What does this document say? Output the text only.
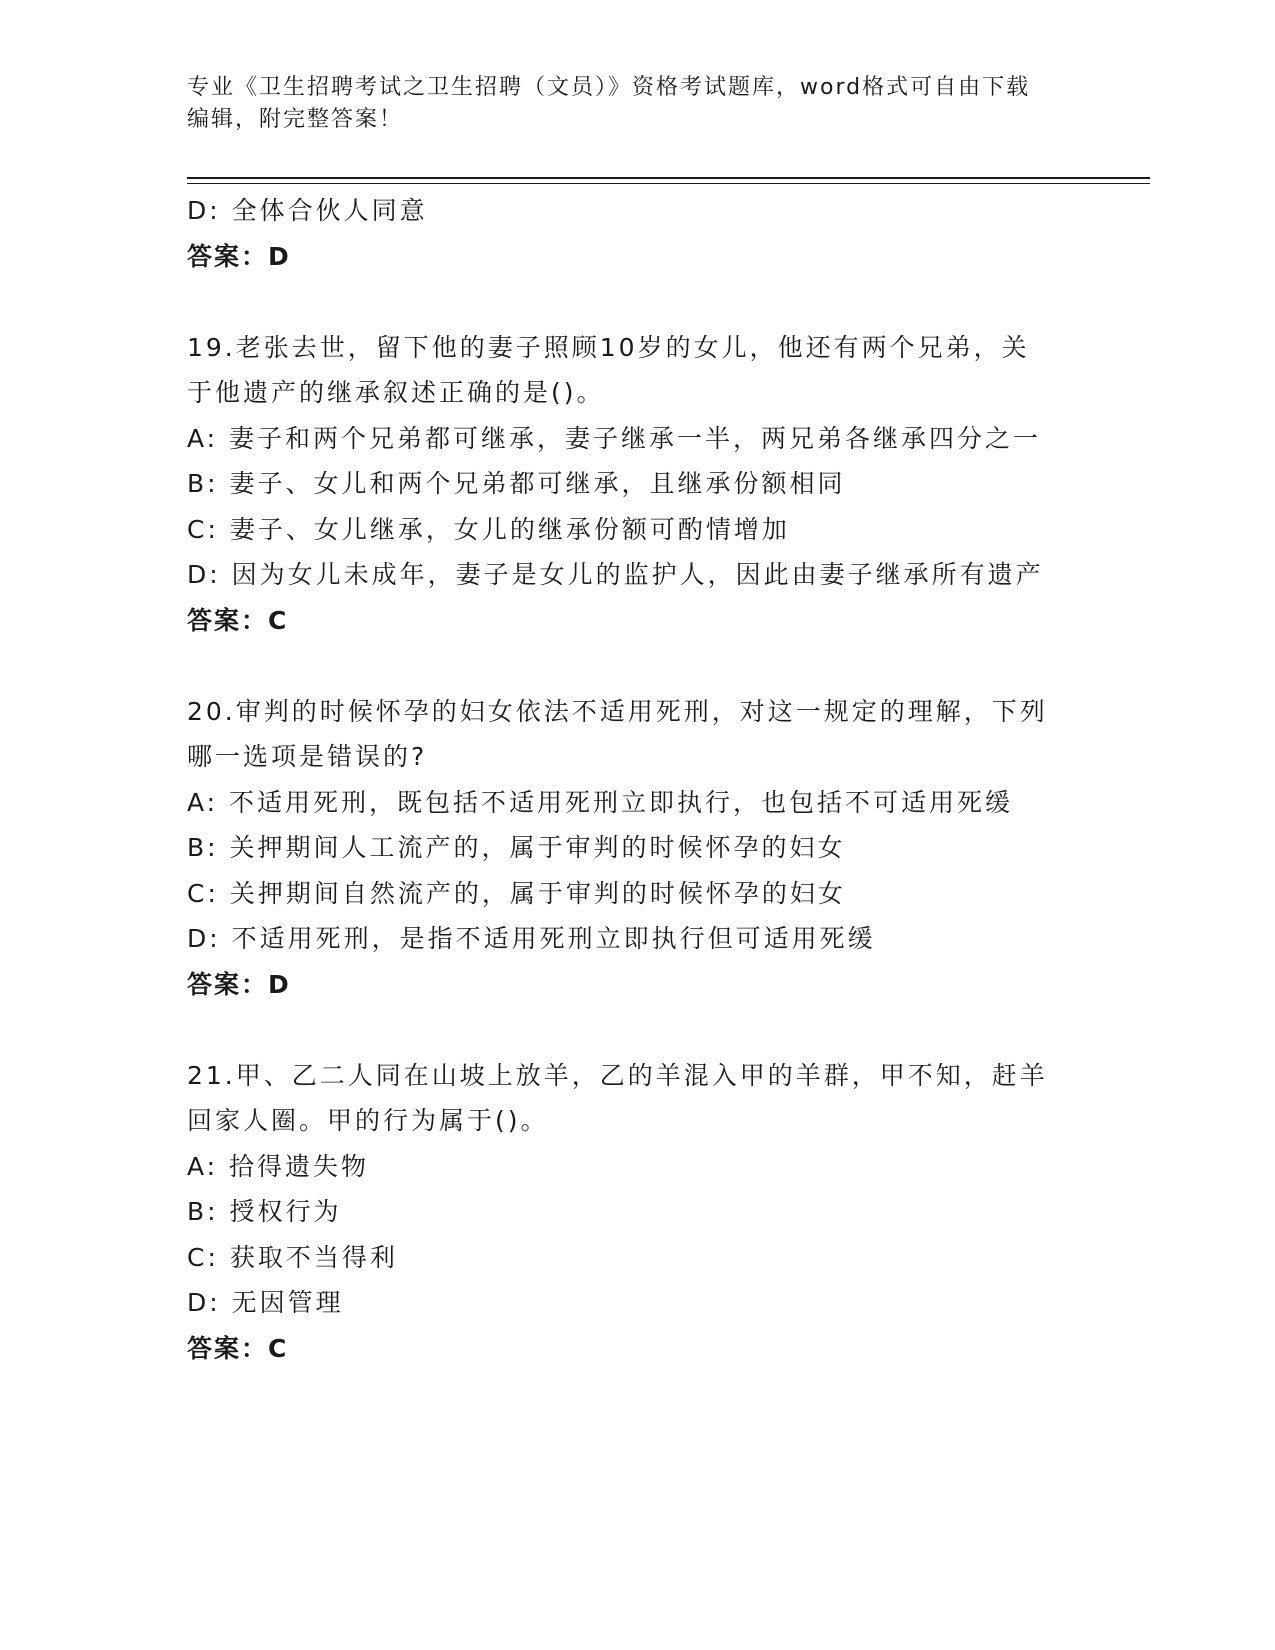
专业《卫生招聘考试之卫生招聘（文员）》资格考试题库，word格式可自由下载
编辑，附完整答案！
D: 全体合伙人同意
答案：D
19.老张去世，留下他的妻子照顾10岁的女儿，他还有两个兄弟，关
于他遗产的继承叙述正确的是()。
A: 妻子和两个兄弟都可继承，妻子继承一半，两兄弟各继承四分之一
B: 妻子、女儿和两个兄弟都可继承，且继承份额相同
C: 妻子、女儿继承，女儿的继承份额可酌情增加
D: 因为女儿未成年，妻子是女儿的监护人，因此由妻子继承所有遗产
答案：C
20.审判的时候怀孕的妇女依法不适用死刑，对这一规定的理解，下列
哪一选项是错误的?
A: 不适用死刑，既包括不适用死刑立即执行，也包括不可适用死缓
B: 关押期间人工流产的，属于审判的时候怀孕的妇女
C: 关押期间自然流产的，属于审判的时候怀孕的妇女
D: 不适用死刑，是指不适用死刑立即执行但可适用死缓
答案：D
21.甲、乙二人同在山坡上放羊，乙的羊混入甲的羊群，甲不知，赶羊
回家人圈。甲的行为属于()。
A: 拾得遗失物
B: 授权行为
C: 获取不当得利
D: 无因管理
答案：C
